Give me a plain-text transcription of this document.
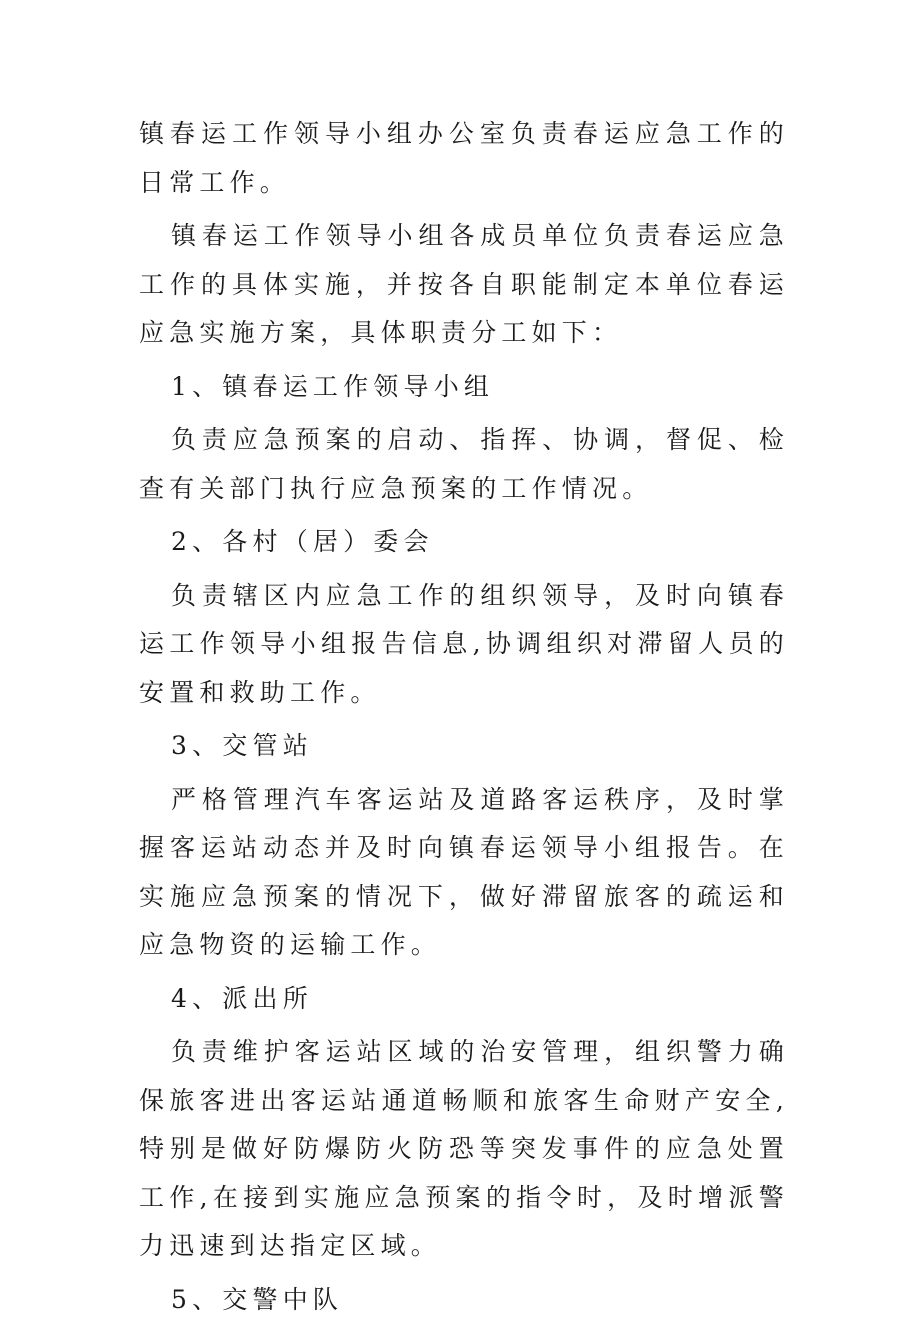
镇春运工作领导小组办公室负责春运应急工作的日常工作。

镇春运工作领导小组各成员单位负责春运应急工作的具体实施，并按各自职能制定本单位春运应急实施方案，具体职责分工如下：

1、镇春运工作领导小组

负责应急预案的启动、指挥、协调，督促、检查有关部门执行应急预案的工作情况。

2、各村（居）委会

负责辖区内应急工作的组织领导，及时向镇春运工作领导小组报告信息,协调组织对滞留人员的安置和救助工作。

3、交管站

严格管理汽车客运站及道路客运秩序，及时掌握客运站动态并及时向镇春运领导小组报告。在实施应急预案的情况下，做好滞留旅客的疏运和应急物资的运输工作。

4、派出所

负责维护客运站区域的治安管理，组织警力确保旅客进出客运站通道畅顺和旅客生命财产安全,特别是做好防爆防火防恐等突发事件的应急处置工作,在接到实施应急预案的指令时，及时增派警力迅速到达指定区域。

5、交警中队
